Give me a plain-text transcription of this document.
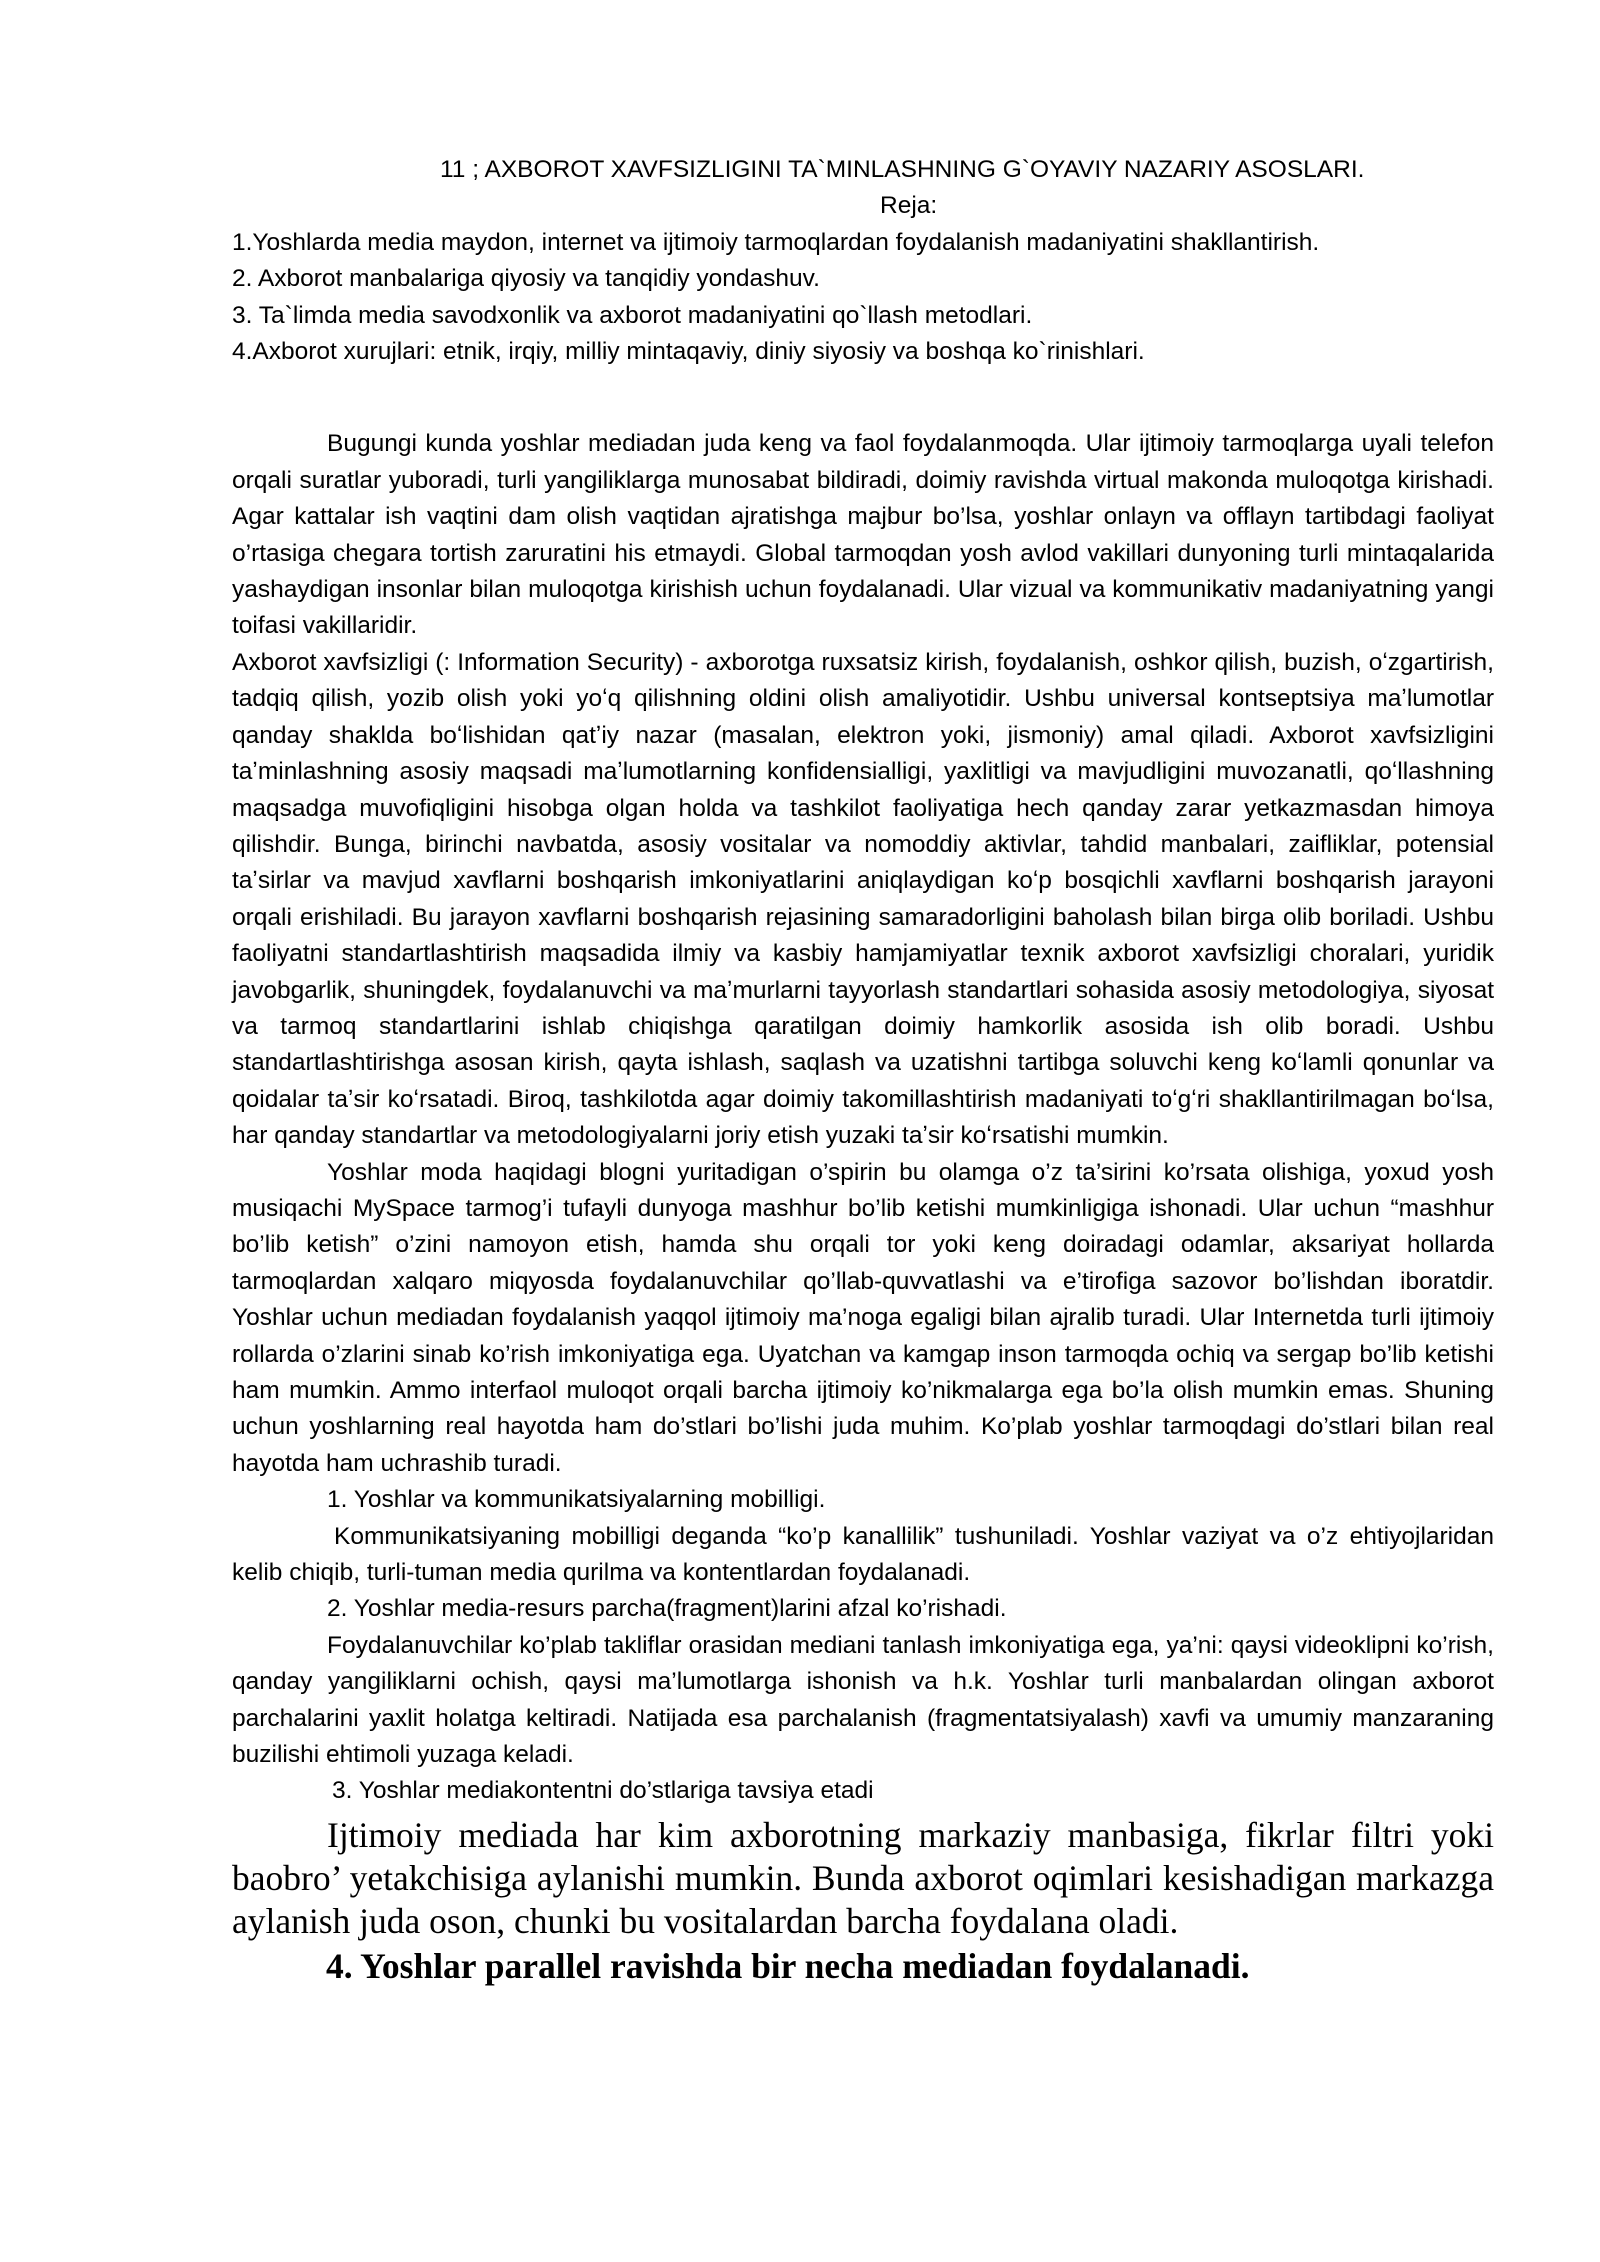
11 ; AXBOROT XAVFSIZLIGINI TA`MINLASHNING G`OYAVIY NAZARIY ASOSLARI.

Reja:

1.Yoshlarda media maydon, internet va ijtimoiy tarmoqlardan foydalanish madaniyatini shakllantirish.

2. Axborot manbalariga qiyosiy va tanqidiy yondashuv.

3. Ta`limda media savodxonlik va axborot madaniyatini qo`llash metodlari.

4.Axborot xurujlari: etnik, irqiy, milliy mintaqaviy, diniy siyosiy va boshqa ko`rinishlari.

Bugungi kunda yoshlar mediadan juda keng va faol foydalanmoqda. Ular ijtimoiy tarmoqlarga uyali telefon orqali suratlar yuboradi, turli yangiliklarga munosabat bildiradi, doimiy ravishda virtual makonda muloqotga kirishadi. Agar kattalar ish vaqtini dam olish vaqtidan ajratishga majbur bo’lsa, yoshlar onlayn va offlayn tartibdagi faoliyat o’rtasiga chegara tortish zaruratini his etmaydi. Global tarmoqdan yosh avlod vakillari dunyoning turli mintaqalarida yashaydigan insonlar bilan muloqotga kirishish uchun foydalanadi. Ular vizual va kommunikativ madaniyatning yangi toifasi vakillaridir.

Axborot xavfsizligi (: Information Security) - axborotga ruxsatsiz kirish, foydalanish, oshkor qilish, buzish, oʻzgartirish, tadqiq qilish, yozib olish yoki yoʻq qilishning oldini olish amaliyotidir. Ushbu universal kontseptsiya maʼlumotlar qanday shaklda boʻlishidan qatʼiy nazar (masalan, elektron yoki, jismoniy) amal qiladi. Axborot xavfsizligini taʼminlashning asosiy maqsadi maʼlumotlarning konfidensialligi, yaxlitligi va mavjudligini muvozanatli, qoʻllashning maqsadga muvofiqligini hisobga olgan holda va tashkilot faoliyatiga hech qanday zarar yetkazmasdan himoya qilishdir. Bunga, birinchi navbatda, asosiy vositalar va nomoddiy aktivlar, tahdid manbalari, zaifliklar, potensial taʼsirlar va mavjud xavflarni boshqarish imkoniyatlarini aniqlaydigan koʻp bosqichli xavflarni boshqarish jarayoni orqali erishiladi. Bu jarayon xavflarni boshqarish rejasining samaradorligini baholash bilan birga olib boriladi. Ushbu faoliyatni standartlashtirish maqsadida ilmiy va kasbiy hamjamiyatlar texnik axborot xavfsizligi choralari, yuridik javobgarlik, shuningdek, foydalanuvchi va maʼmurlarni tayyorlash standartlari sohasida asosiy metodologiya, siyosat va tarmoq standartlarini ishlab chiqishga qaratilgan doimiy hamkorlik asosida ish olib boradi. Ushbu standartlashtirishga asosan kirish, qayta ishlash, saqlash va uzatishni tartibga soluvchi keng koʻlamli qonunlar va qoidalar taʼsir koʻrsatadi. Biroq, tashkilotda agar doimiy takomillashtirish madaniyati toʻgʻri shakllantirilmagan boʻlsa, har qanday standartlar va metodologiyalarni joriy etish yuzaki taʼsir koʻrsatishi mumkin.

Yoshlar moda haqidagi blogni yuritadigan o’spirin bu olamga o’z ta’sirini ko’rsata olishiga, yoxud yosh musiqachi MySpace tarmog’i tufayli dunyoga mashhur bo’lib ketishi mumkinligiga ishonadi. Ular uchun “mashhur bo’lib ketish” o’zini namoyon etish, hamda shu orqali tor yoki keng doiradagi odamlar, aksariyat hollarda tarmoqlardan xalqaro miqyosda foydalanuvchilar qo’llab-quvvatlashi va e’tirofiga sazovor bo’lishdan iboratdir. Yoshlar uchun mediadan foydalanish yaqqol ijtimoiy ma’noga egaligi bilan ajralib turadi. Ular Internetda turli ijtimoiy rollarda o’zlarini sinab ko’rish imkoniyatiga ega. Uyatchan va kamgap inson tarmoqda ochiq va sergap bo’lib ketishi ham mumkin. Ammo interfaol muloqot orqali barcha ijtimoiy ko’nikmalarga ega bo’la olish mumkin emas. Shuning uchun yoshlarning real hayotda ham do’stlari bo’lishi juda muhim. Ko’plab yoshlar tarmoqdagi do’stlari bilan real hayotda ham uchrashib turadi.

1. Yoshlar va kommunikatsiyalarning mobilligi.

Kommunikatsiyaning mobilligi deganda “ko’p kanallilik” tushuniladi. Yoshlar vaziyat va o’z ehtiyojlaridan kelib chiqib, turli-tuman media qurilma va kontentlardan foydalanadi.

2. Yoshlar media-resurs parcha(fragment)larini afzal ko’rishadi.

Foydalanuvchilar ko’plab takliflar orasidan mediani tanlash imkoniyatiga ega, ya’ni: qaysi videoklipni ko’rish, qanday yangiliklarni ochish, qaysi ma’lumotlarga ishonish va h.k. Yoshlar turli manbalardan olingan axborot parchalarini yaxlit holatga keltiradi. Natijada esa parchalanish (fragmentatsiyalash) xavfi va umumiy manzaraning buzilishi ehtimoli yuzaga keladi.

3. Yoshlar mediakontentni do’stlariga tavsiya etadi

Ijtimoiy mediada har kim axborotning markaziy manbasiga, fikrlar filtri yoki baobro’ yetakchisiga aylanishi mumkin. Bunda axborot oqimlari kesishadigan markazga aylanish juda oson, chunki bu vositalardan barcha foydalana oladi.

4. Yoshlar parallel ravishda bir necha mediadan foydalanadi.
